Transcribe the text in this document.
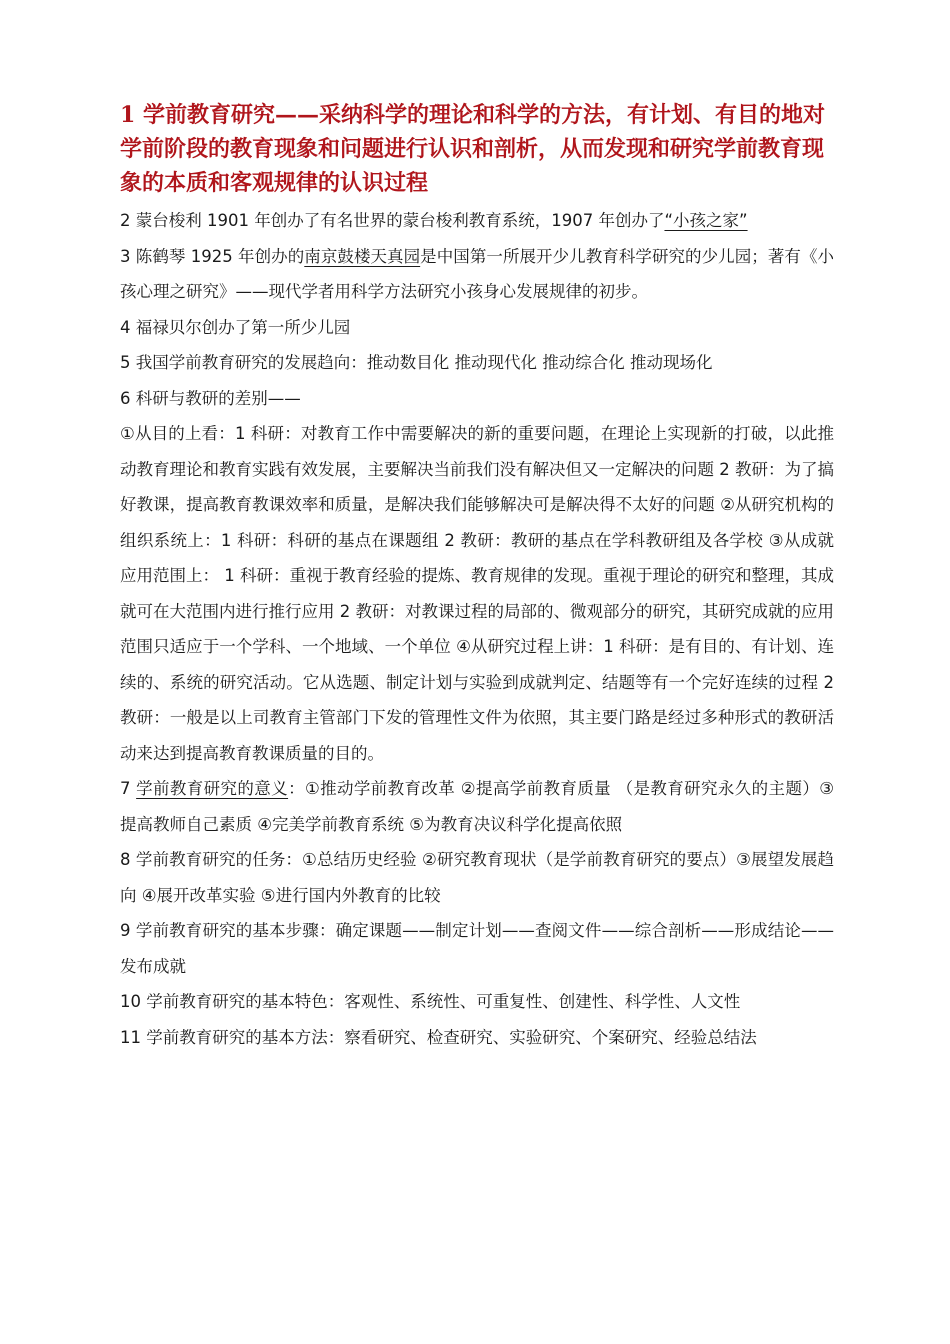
1 学前教育研究——采纳科学的理论和科学的方法，有计划、有目的地对学前阶段的教育现象和问题进行认识和剖析，从而发现和研究学前教育现象的本质和客观规律的认识过程

2 蒙台梭利 1901 年创办了有名世界的蒙台梭利教育系统，1907 年创办了“小孩之家”

3 陈鹤琴 1925 年创办的南京鼓楼天真园是中国第一所展开少儿教育科学研究的少儿园；著有《小孩心理之研究》——现代学者用科学方法研究小孩身心发展规律的初步。

4 福禄贝尔创办了第一所少儿园

5 我国学前教育研究的发展趋向：推动数目化 推动现代化 推动综合化 推动现场化

6 科研与教研的差别——

①从目的上看：1 科研：对教育工作中需要解决的新的重要问题，在理论上实现新的打破，以此推动教育理论和教育实践有效发展，主要解决当前我们没有解决但又一定解决的问题 2 教研：为了搞好教课，提高教育教课效率和质量，是解决我们能够解决可是解决得不太好的问题 ②从研究机构的组织系统上：1 科研：科研的基点在课题组 2 教研：教研的基点在学科教研组及各学校 ③从成就应用范围上： 1 科研：重视于教育经验的提炼、教育规律的发现。重视于理论的研究和整理，其成就可在大范围内进行推行应用 2 教研：对教课过程的局部的、微观部分的研究，其研究成就的应用范围只适应于一个学科、一个地域、一个单位 ④从研究过程上讲：1 科研：是有目的、有计划、连续的、系统的研究活动。它从选题、制定计划与实验到成就判定、结题等有一个完好连续的过程 2 教研：一般是以上司教育主管部门下发的管理性文件为依照，其主要门路是经过多种形式的教研活动来达到提高教育教课质量的目的。

7 学前教育研究的意义：①推动学前教育改革 ②提高学前教育质量 （是教育研究永久的主题）③提高教师自己素质 ④完美学前教育系统 ⑤为教育决议科学化提高依照

8 学前教育研究的任务：①总结历史经验 ②研究教育现状（是学前教育研究的要点）③展望发展趋向 ④展开改革实验 ⑤进行国内外教育的比较

9 学前教育研究的基本步骤：确定课题——制定计划——查阅文件——综合剖析——形成结论——发布成就

10 学前教育研究的基本特色：客观性、系统性、可重复性、创建性、科学性、人文性

11 学前教育研究的基本方法：察看研究、检查研究、实验研究、个案研究、经验总结法
